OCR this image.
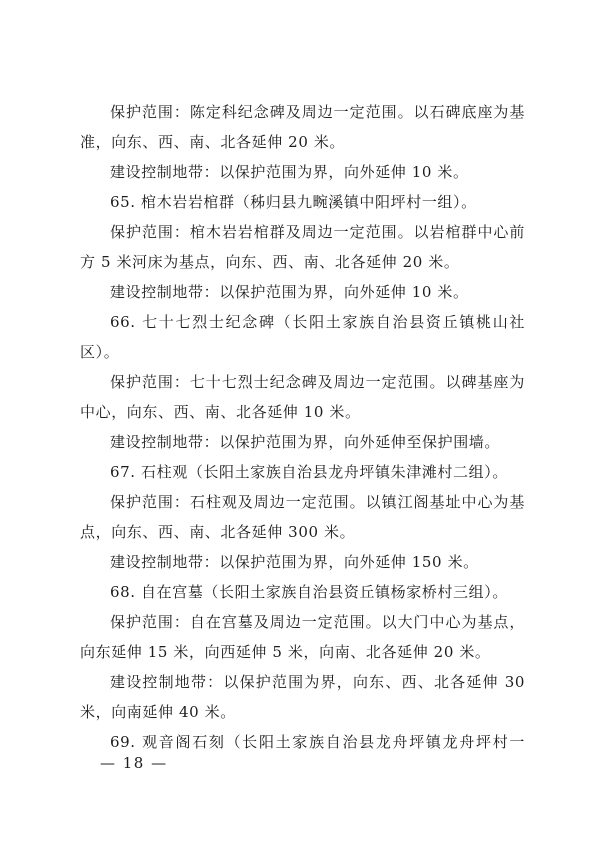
保护范围：陈定科纪念碑及周边一定范围。以石碑底座为基
准，向东、西、南、北各延伸 20 米。
建设控制地带：以保护范围为界，向外延伸 10 米。
65. 棺木岩岩棺群（秭归县九畹溪镇中阳坪村一组）。
保护范围：棺木岩岩棺群及周边一定范围。以岩棺群中心前
方 5 米河床为基点，向东、西、南、北各延伸 20 米。
建设控制地带：以保护范围为界，向外延伸 10 米。
66. 七十七烈士纪念碑（长阳土家族自治县资丘镇桃山社
区）。
保护范围：七十七烈士纪念碑及周边一定范围。以碑基座为
中心，向东、西、南、北各延伸 10 米。
建设控制地带：以保护范围为界，向外延伸至保护围墙。
67. 石柱观（长阳土家族自治县龙舟坪镇朱津滩村二组）。
保护范围：石柱观及周边一定范围。以镇江阁基址中心为基
点，向东、西、南、北各延伸 300 米。
建设控制地带：以保护范围为界，向外延伸 150 米。
68. 自在宫墓（长阳土家族自治县资丘镇杨家桥村三组）。
保护范围：自在宫墓及周边一定范围。以大门中心为基点，
向东延伸 15 米，向西延伸 5 米，向南、北各延伸 20 米。
建设控制地带：以保护范围为界，向东、西、北各延伸 30
米，向南延伸 40 米。
69. 观音阁石刻（长阳土家族自治县龙舟坪镇龙舟坪村一
— 18 —
